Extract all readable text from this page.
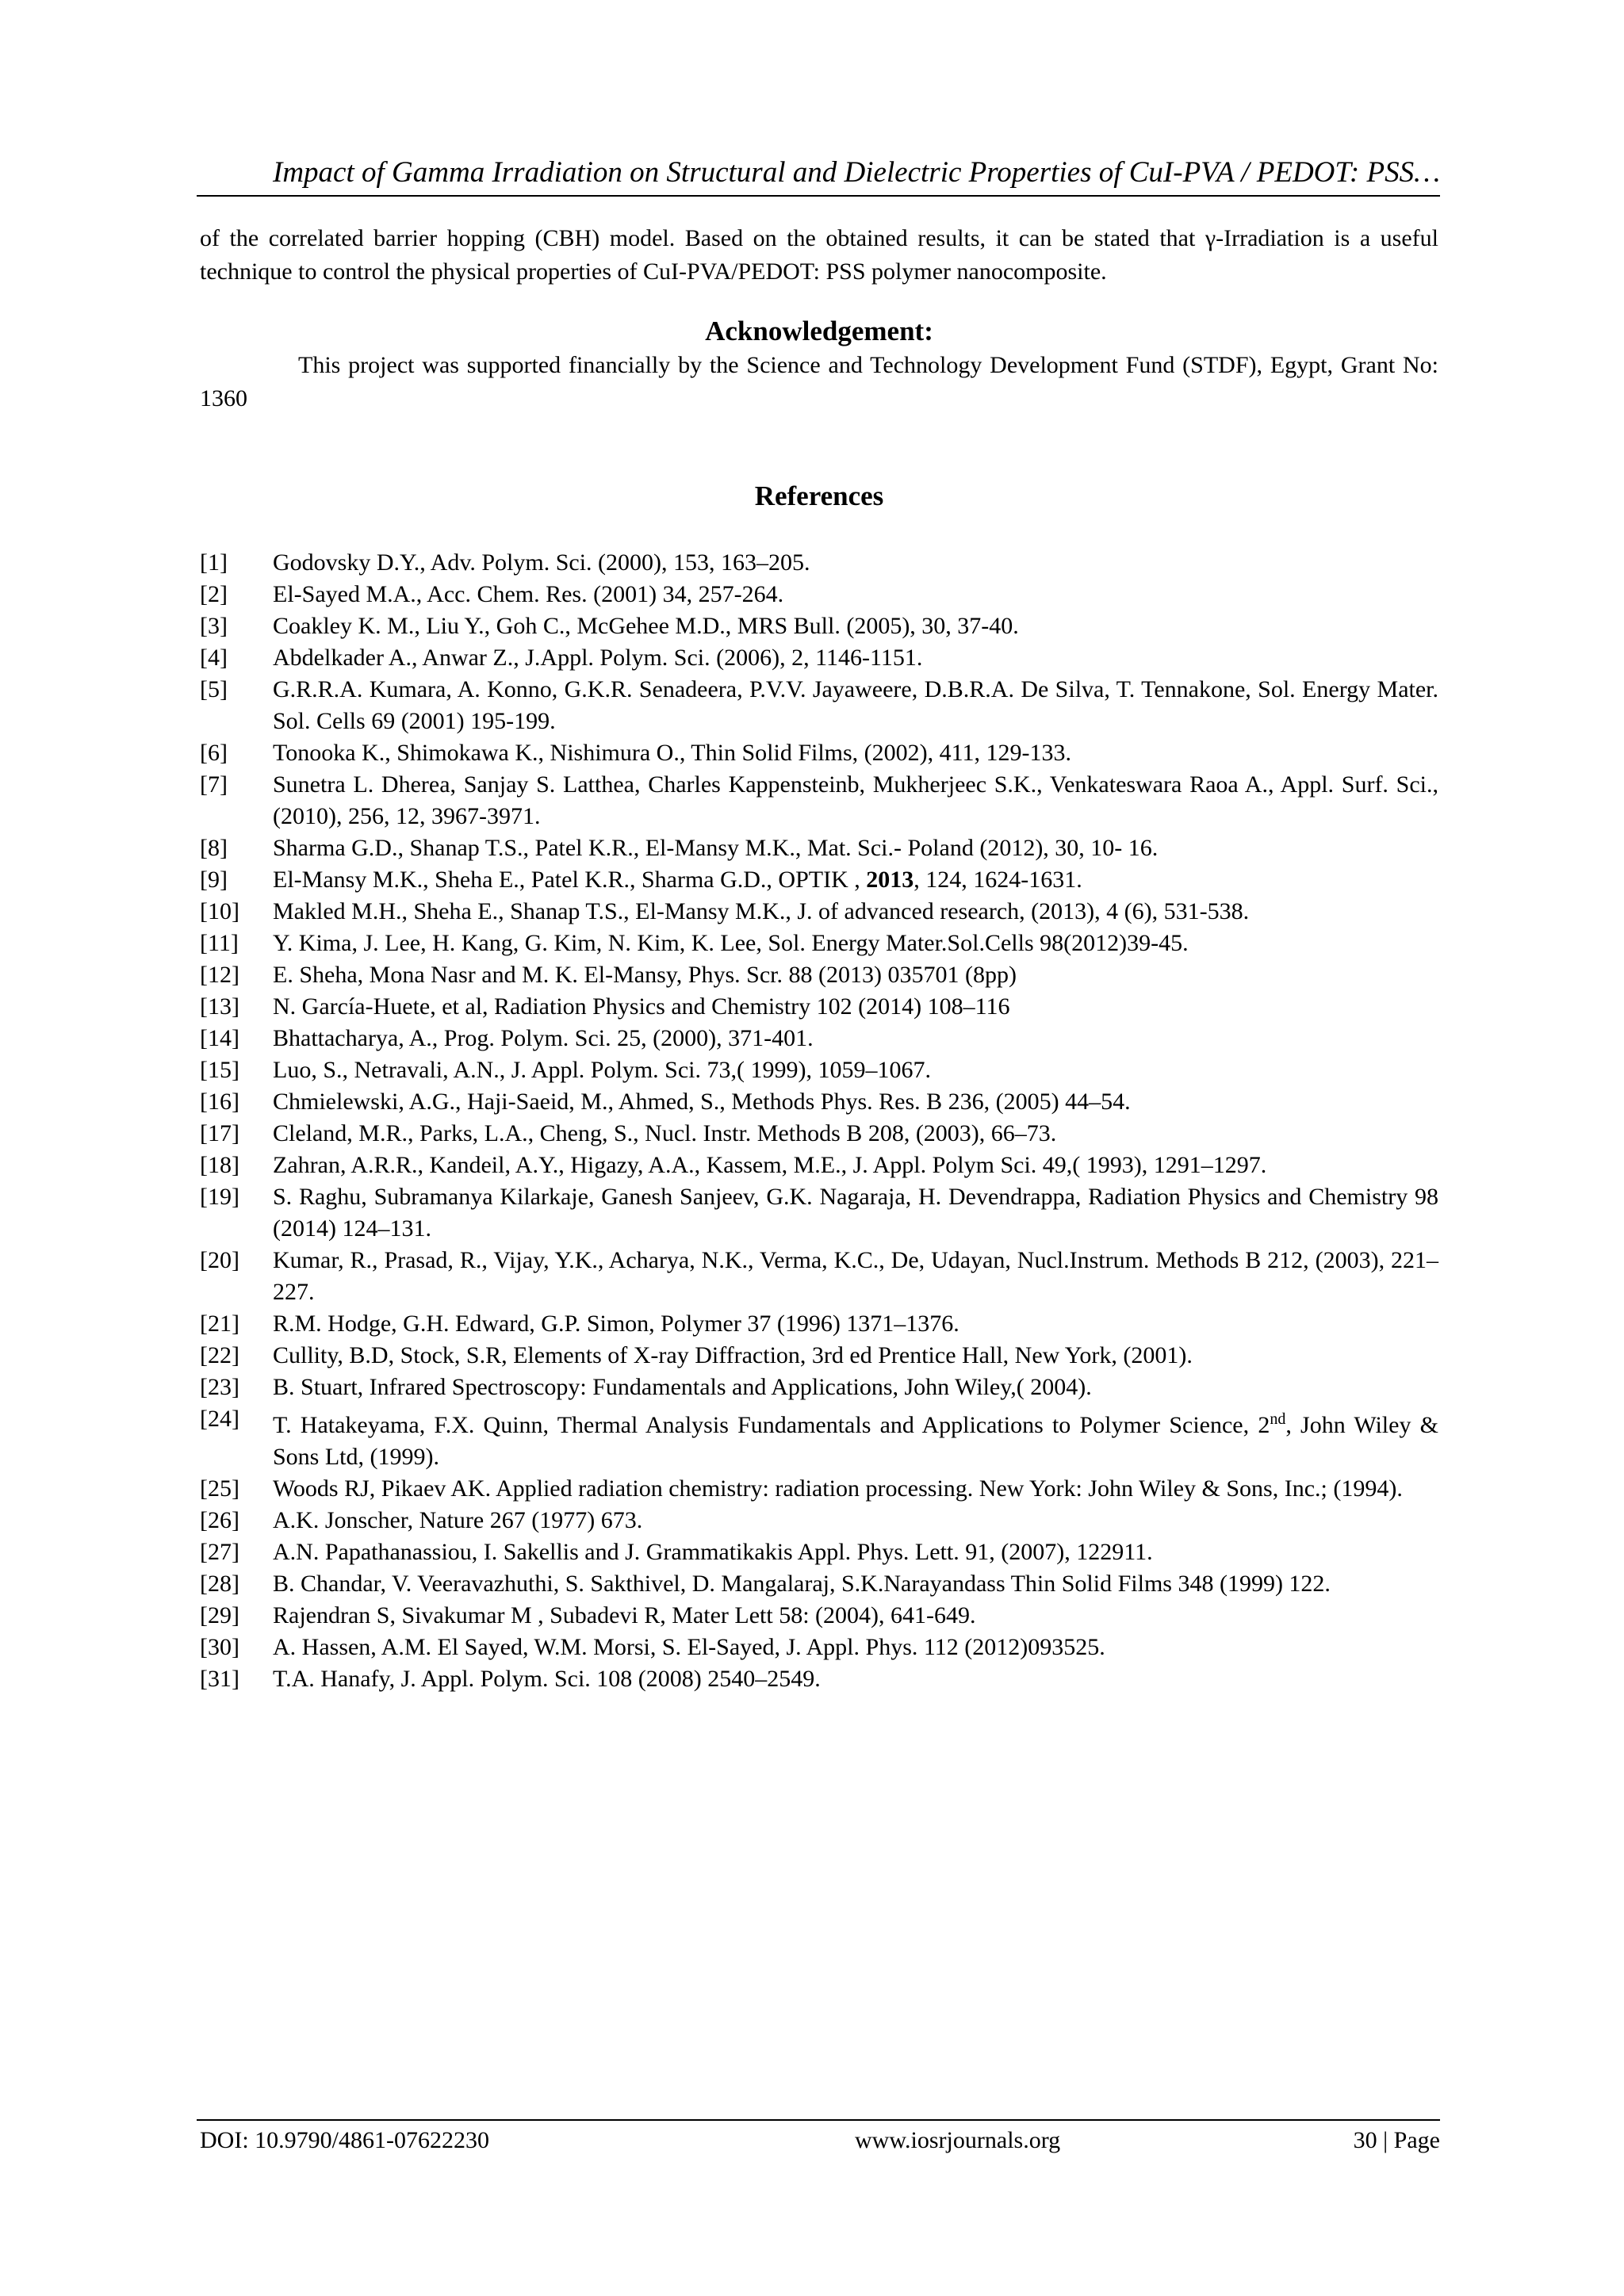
Impact of Gamma Irradiation on Structural and Dielectric Properties of CuI-PVA / PEDOT: PSS…

of the correlated barrier hopping (CBH) model. Based on the obtained results, it can be stated that γ-Irradiation is a useful technique to control the physical properties of CuI-PVA/PEDOT: PSS polymer nanocomposite.

Acknowledgement:

This project was supported financially by the Science and Technology Development Fund (STDF), Egypt, Grant No: 1360

References
[1] Godovsky D.Y., Adv. Polym. Sci. (2000), 153, 163–205.
[2] El-Sayed M.A., Acc. Chem. Res. (2001) 34, 257-264.
[3] Coakley K. M., Liu Y., Goh C., McGehee M.D., MRS Bull. (2005), 30, 37-40.
[4] Abdelkader A., Anwar Z., J.Appl. Polym. Sci. (2006), 2, 1146-1151.
[5] G.R.R.A. Kumara, A. Konno, G.K.R. Senadeera, P.V.V. Jayaweere, D.B.R.A. De Silva, T. Tennakone, Sol. Energy Mater. Sol. Cells 69 (2001) 195-199.
[6] Tonooka K., Shimokawa K., Nishimura O., Thin Solid Films, (2002), 411, 129-133.
[7] Sunetra L. Dherea, Sanjay S. Latthea, Charles Kappensteinb, Mukherjeec S.K., Venkateswara Raoa A., Appl. Surf. Sci., (2010), 256, 12, 3967-3971.
[8] Sharma G.D., Shanap T.S., Patel K.R., El-Mansy M.K., Mat. Sci.- Poland (2012), 30, 10- 16.
[9] El-Mansy M.K., Sheha E., Patel K.R., Sharma G.D., OPTIK , 2013, 124, 1624-1631.
[10] Makled M.H., Sheha E., Shanap T.S., El-Mansy M.K., J. of advanced research, (2013), 4 (6), 531-538.
[11] Y. Kima, J. Lee, H. Kang, G. Kim, N. Kim, K. Lee, Sol. Energy Mater.Sol.Cells 98(2012)39-45.
[12] E. Sheha, Mona Nasr and M. K. El-Mansy, Phys. Scr. 88 (2013) 035701 (8pp)
[13] N. García-Huete, et al, Radiation Physics and Chemistry 102 (2014) 108–116
[14] Bhattacharya, A., Prog. Polym. Sci. 25, (2000), 371-401.
[15] Luo, S., Netravali, A.N., J. Appl. Polym. Sci. 73,( 1999), 1059–1067.
[16] Chmielewski, A.G., Haji-Saeid, M., Ahmed, S., Methods Phys. Res. B 236, (2005) 44–54.
[17] Cleland, M.R., Parks, L.A., Cheng, S., Nucl. Instr. Methods B 208, (2003), 66–73.
[18] Zahran, A.R.R., Kandeil, A.Y., Higazy, A.A., Kassem, M.E., J. Appl. Polym Sci. 49,( 1993), 1291–1297.
[19] S. Raghu, Subramanya Kilarkaje, Ganesh Sanjeev, G.K. Nagaraja, H. Devendrappa, Radiation Physics and Chemistry 98 (2014) 124–131.
[20] Kumar, R., Prasad, R., Vijay, Y.K., Acharya, N.K., Verma, K.C., De, Udayan, Nucl.Instrum. Methods B 212, (2003), 221–227.
[21] R.M. Hodge, G.H. Edward, G.P. Simon, Polymer 37 (1996) 1371–1376.
[22] Cullity, B.D, Stock, S.R, Elements of X-ray Diffraction, 3rd ed Prentice Hall, New York, (2001).
[23] B. Stuart, Infrared Spectroscopy: Fundamentals and Applications, John Wiley,( 2004).
[24] T. Hatakeyama, F.X. Quinn, Thermal Analysis Fundamentals and Applications to Polymer Science, 2nd, John Wiley & Sons Ltd, (1999).
[25] Woods RJ, Pikaev AK. Applied radiation chemistry: radiation processing. New York: John Wiley & Sons, Inc.; (1994).
[26] A.K. Jonscher, Nature 267 (1977) 673.
[27] A.N. Papathanassiou, I. Sakellis and J. Grammatikakis Appl. Phys. Lett. 91, (2007), 122911.
[28] B. Chandar, V. Veeravazhuthi, S. Sakthivel, D. Mangalaraj, S.K.Narayandass Thin Solid Films 348 (1999) 122.
[29] Rajendran S, Sivakumar M , Subadevi R, Mater Lett 58: (2004), 641-649.
[30] A. Hassen, A.M. El Sayed, W.M. Morsi, S. El-Sayed, J. Appl. Phys. 112 (2012)093525.
[31] T.A. Hanafy, J. Appl. Polym. Sci. 108 (2008) 2540–2549.
DOI: 10.9790/4861-07622230	www.iosrjournals.org	30 | Page
